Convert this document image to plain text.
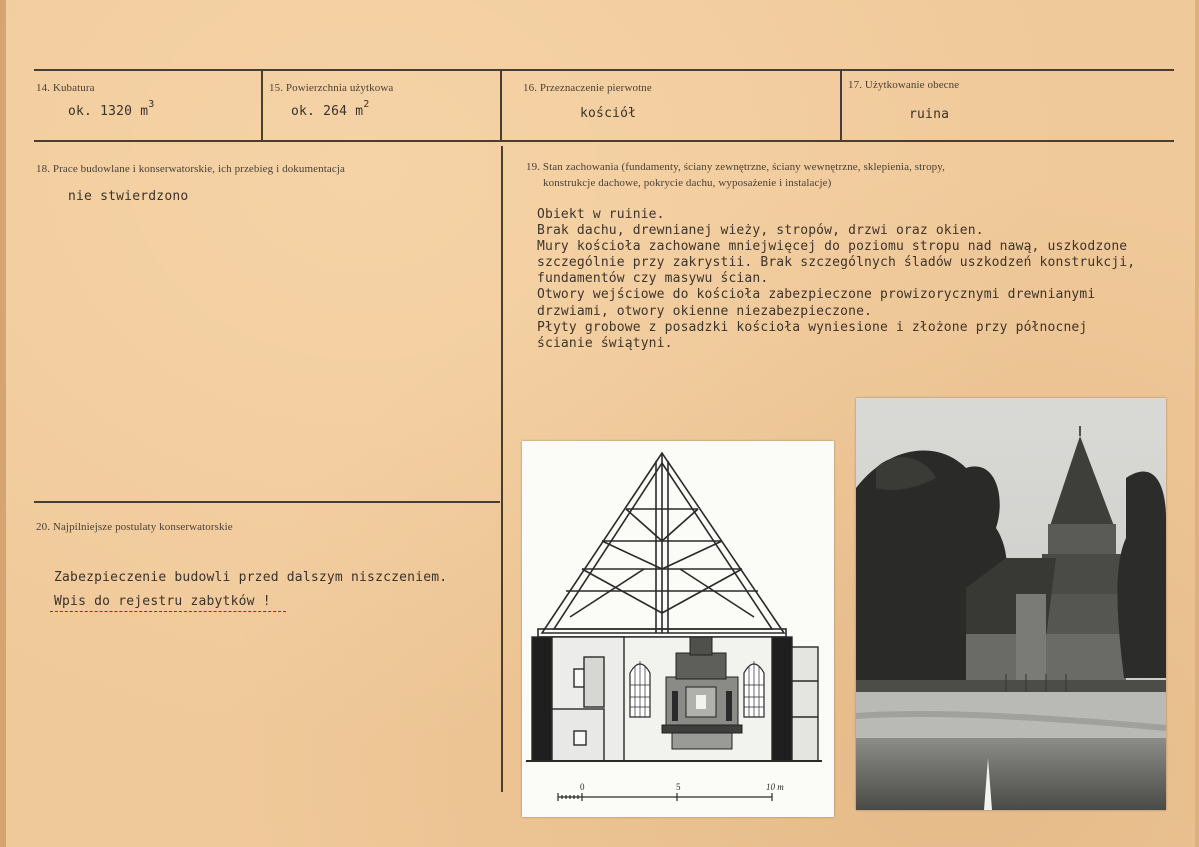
14. Kubatura
ok. 1320 $m^3$
15. Powierzchnia użytkowa
ok. 264 $m^2$
16. Przeznaczenie pierwotne
kościół
17. Użytkowanie obecne
ruina
18. Prace budowlane i konserwatorskie, ich przebieg i dokumentacja
nie stwierdzono
19. Stan zachowania (fundamenty, ściany zewnętrzne, ściany wewnętrzne, sklepienia, stropy,
konstrukcje dachowe, pokrycie dachu, wyposażenie i instalacje)
Obiekt w ruinie.
Brak dachu, drewnianej wieży, stropów, drzwi oraz okien.
Mury kościoła zachowane mniejwięcej do poziomu stropu nad nawą, uszkodzone
szczególnie przy zakrystii. Brak szczególnych śladów uszkodzeń konstrukcji,
fundamentów czy masywu ścian.
Otwory wejściowe do kościoła zabezpieczone prowizorycznymi drewnianymi
drzwiami, otwory okienne niezabezpieczone.
Płyty grobowe z posadzki kościoła wyniesione i złożone przy północnej
ścianie świątyni.
20. Najpilniejsze postulaty konserwatorskie
Zabezpieczenie budowli przed dalszym niszczeniem.
Wpis do rejestru zabytków !
0	5	10 m
